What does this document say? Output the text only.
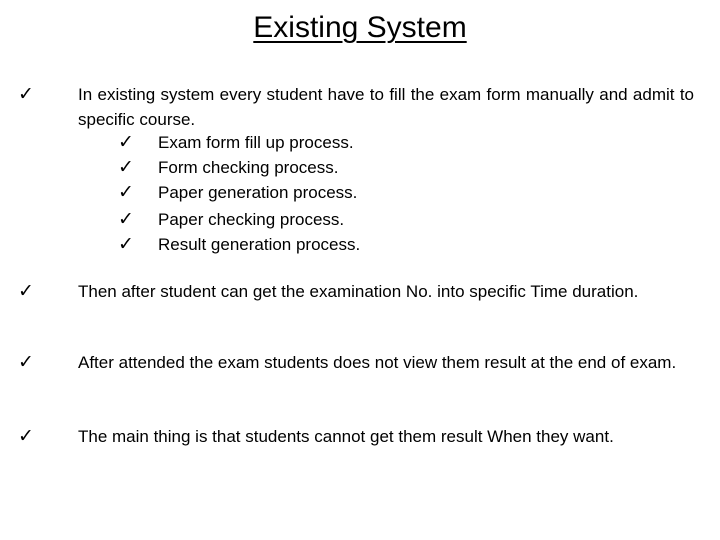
Existing System
✓	In existing system every student have to fill the exam form manually and admit to specific course.
✓ Exam form fill up process.
✓ Form checking process.
✓ Paper generation process.
✓ Paper checking process.
✓ Result generation process.
✓	Then after student can get the examination No. into specific Time duration.
✓	After attended the exam students does not view them result at the end of exam.
✓	The main thing is that students cannot get them result When they want.
